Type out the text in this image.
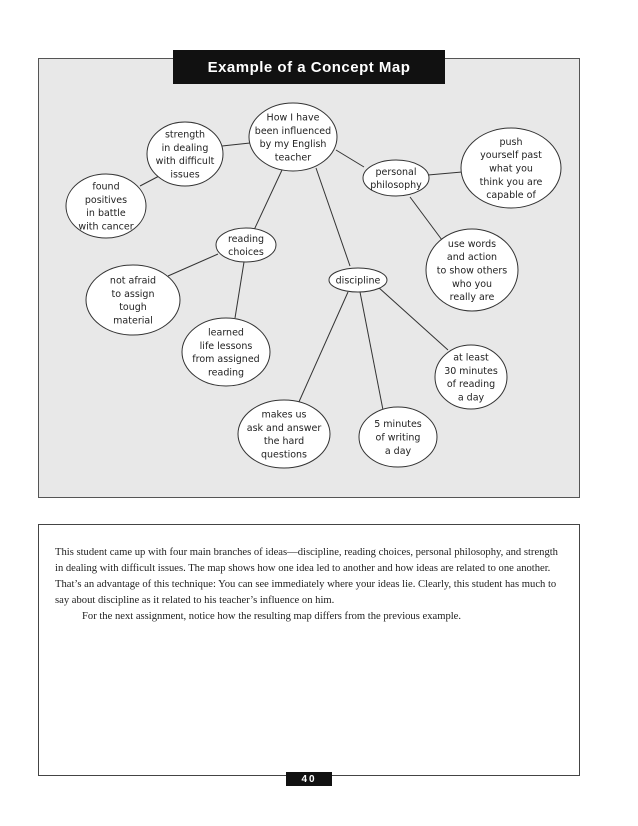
Example of a Concept Map
How I have
been influenced
by my English
teacher
strength
in dealing
with difficult
issues
found
positives
in battle
with cancer
personal
philosophy
push
yourself past
what you
think you are
capable of
reading
choices
not afraid
to assign
tough
material
learned
life lessons
from assigned
reading
discipline
use words
and action
to show others
who you
really are
at least
30 minutes
of reading
a day
makes us
ask and answer
the hard
questions
5 minutes
of writing
a day

This student came up with four main branches of ideas—discipline, reading choices, personal philosophy, and strength in dealing with difficult issues. The map shows how one idea led to another and how ideas are related to one another. That’s an advantage of this technique: You can see immediately where your ideas lie. Clearly, this student has much to say about discipline as it related to his teacher’s influence on him.

For the next assignment, notice how the resulting map differs from the previous example.

40
